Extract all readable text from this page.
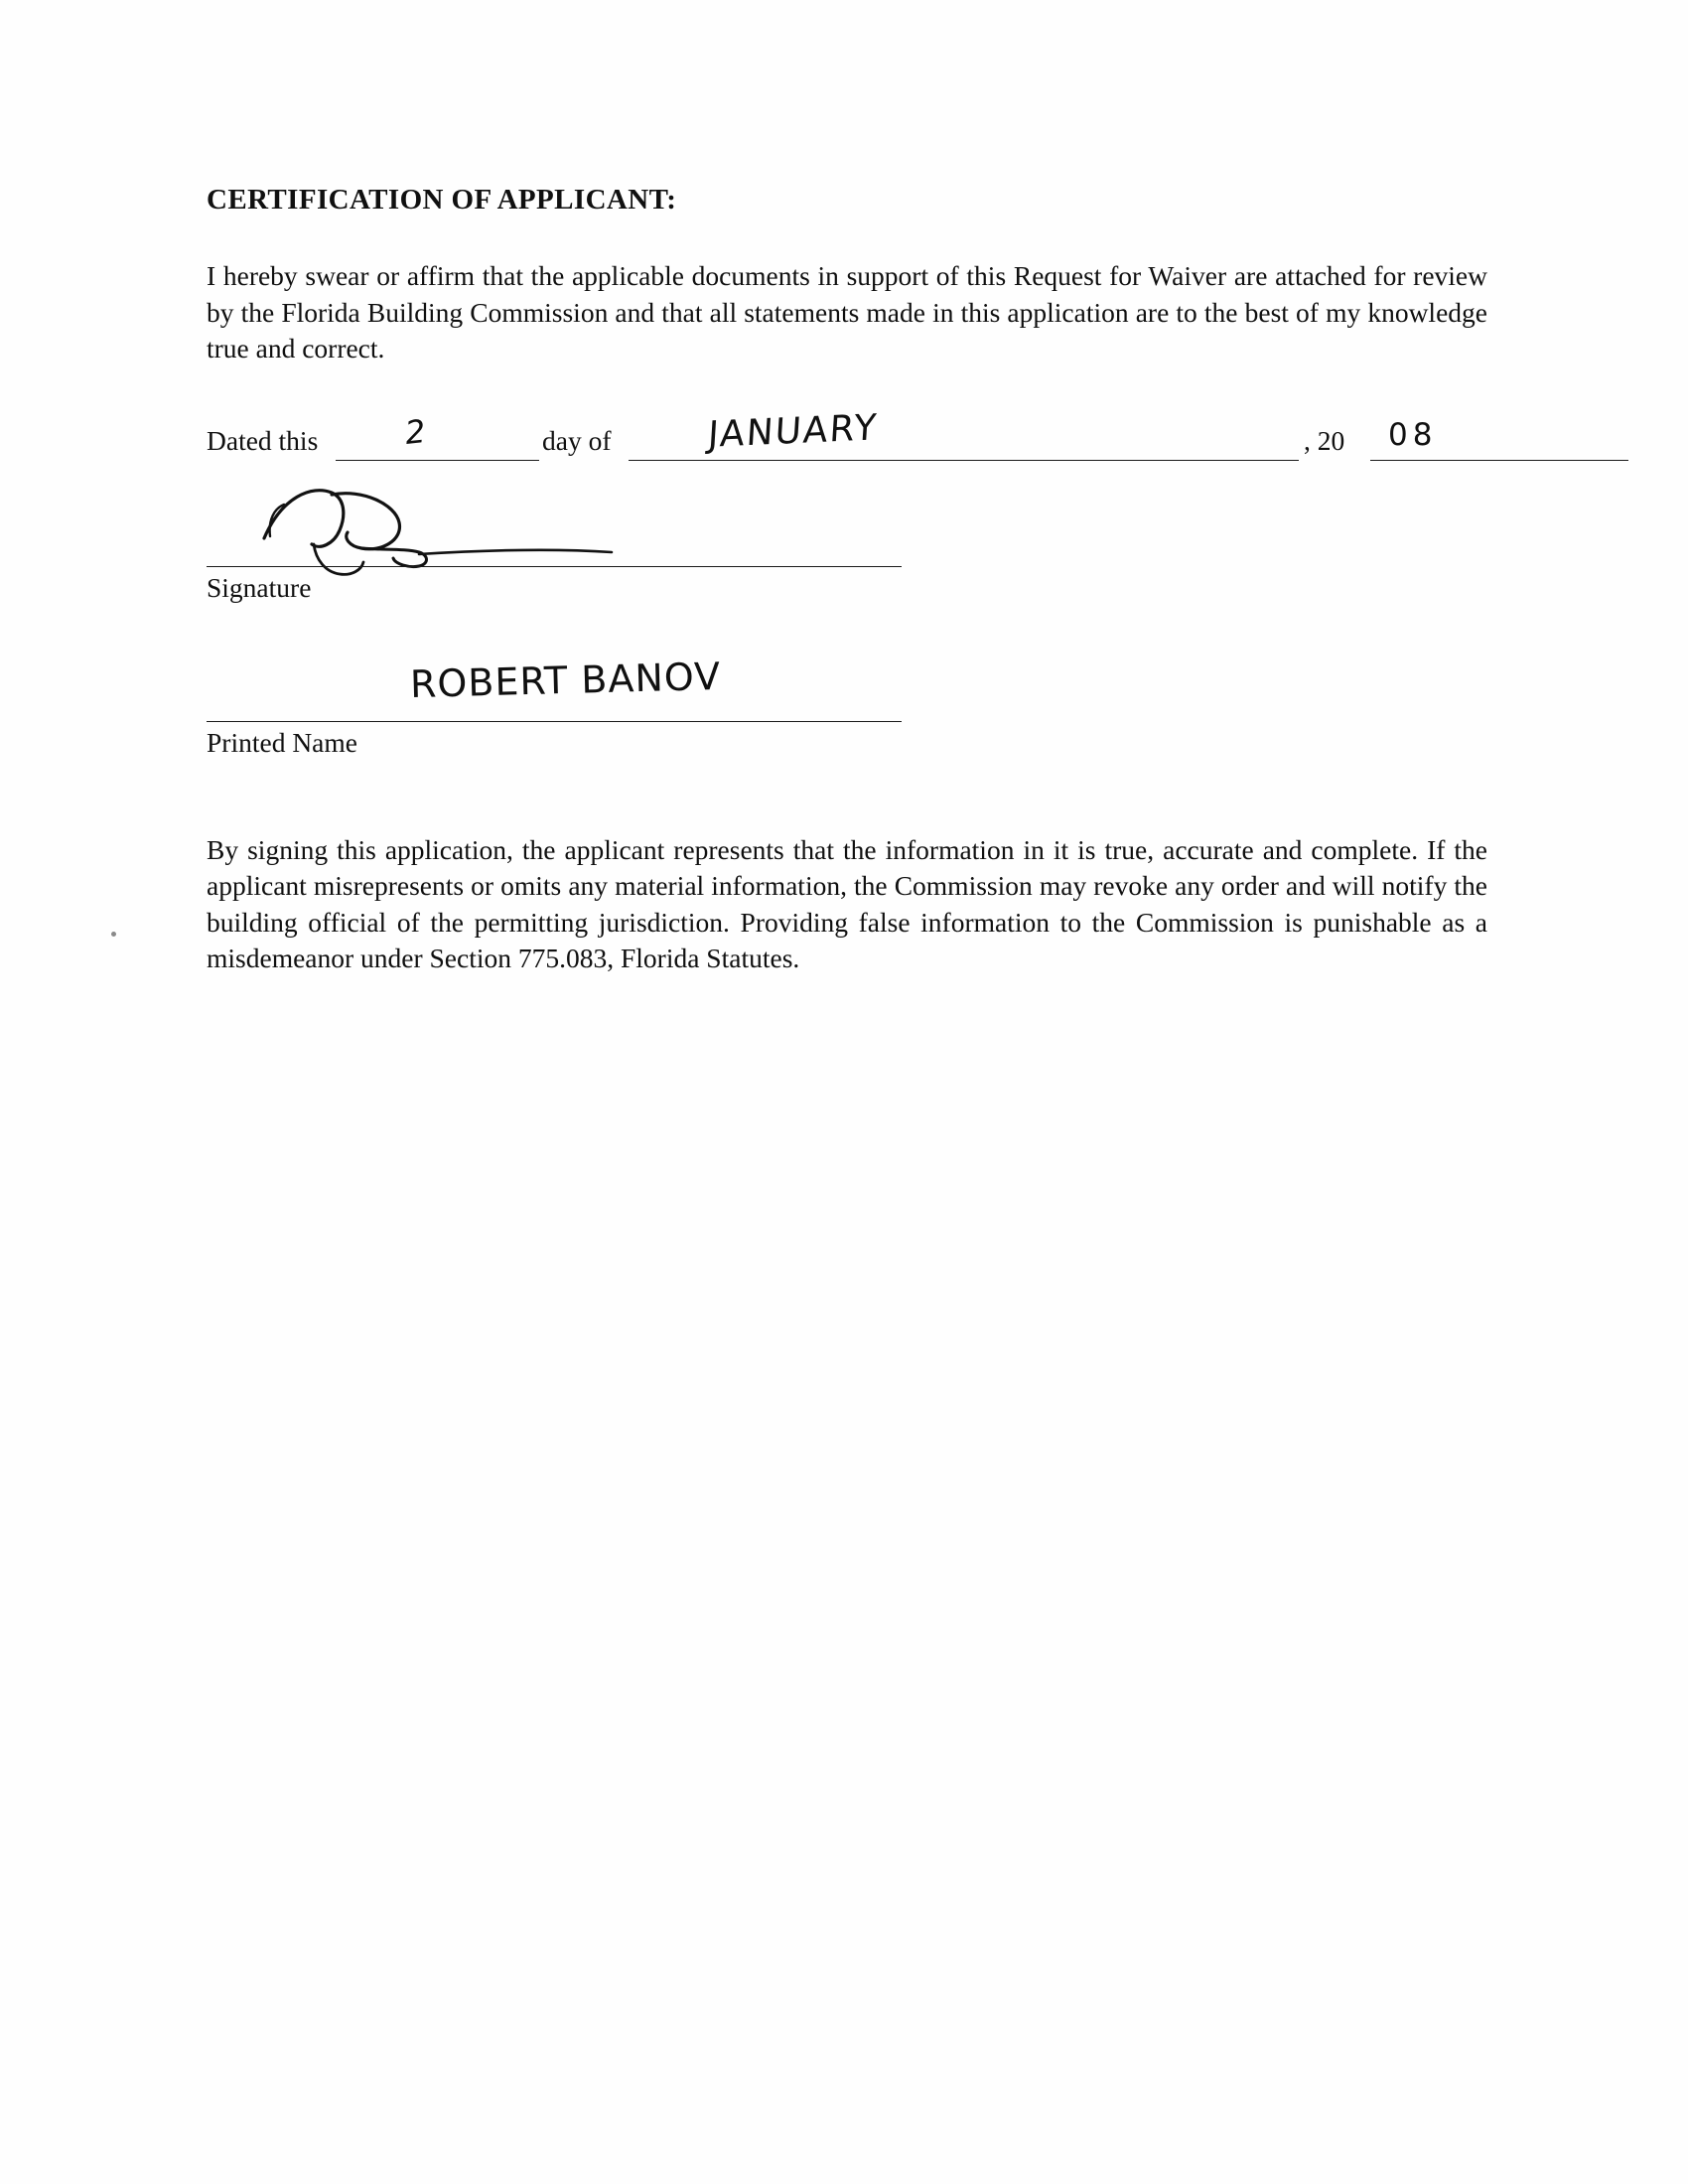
CERTIFICATION OF APPLICANT:

I hereby swear or affirm that the applicable documents in support of this Request for Waiver are attached for review by the Florida Building Commission and that all statements made in this application are to the best of my knowledge true and correct.

Dated this	2	day of	JANUARY	, 20 08
Signature
ROBERT BANOV
Printed Name

By signing this application, the applicant represents that the information in it is true, accurate and complete. If the applicant misrepresents or omits any material information, the Commission may revoke any order and will notify the building official of the permitting jurisdiction. Providing false information to the Commission is punishable as a misdemeanor under Section 775.083, Florida Statutes.
